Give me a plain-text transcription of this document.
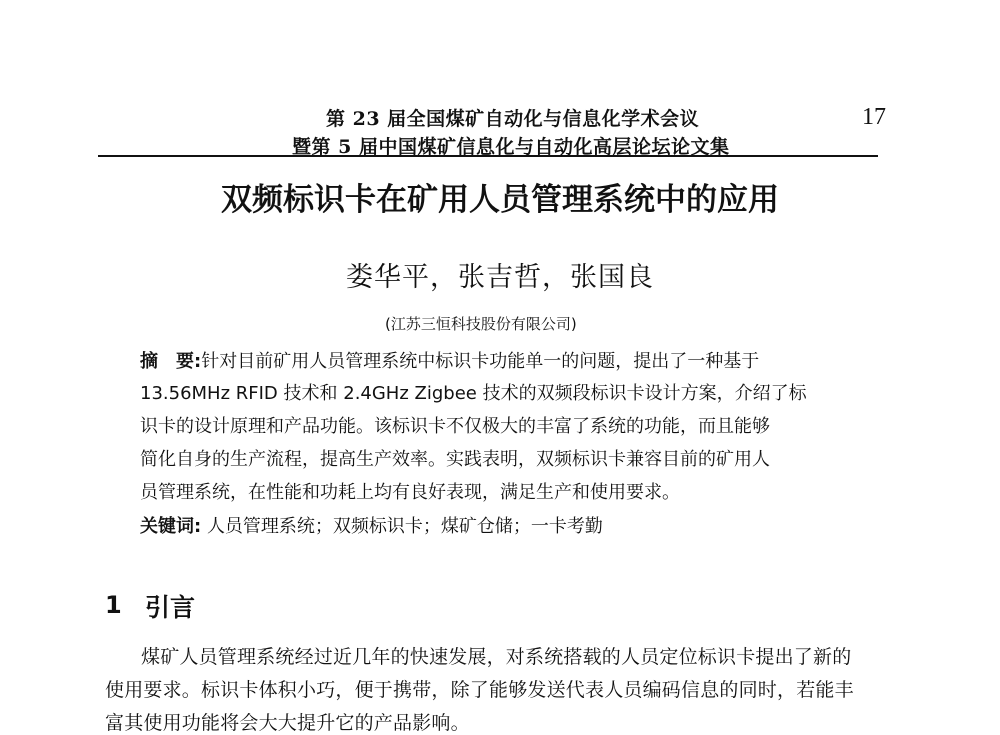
第 23 届全国煤矿自动化与信息化学术会议
暨第 5 届中国煤矿信息化与自动化高层论坛论文集
17
双频标识卡在矿用人员管理系统中的应用
娄华平，张吉哲，张国良
(江苏三恒科技股份有限公司)
摘　要:针对目前矿用人员管理系统中标识卡功能单一的问题，提出了一种基于
13.56MHz RFID 技术和 2.4GHz Zigbee 技术的双频段标识卡设计方案，介绍了标
识卡的设计原理和产品功能。该标识卡不仅极大的丰富了系统的功能，而且能够
简化自身的生产流程，提高生产效率。实践表明，双频标识卡兼容目前的矿用人
员管理系统，在性能和功耗上均有良好表现，满足生产和使用要求。
关键词: 人员管理系统；双频标识卡；煤矿仓储；一卡考勤
1 引言
煤矿人员管理系统经过近几年的快速发展，对系统搭载的人员定位标识卡提出了新的
使用要求。标识卡体积小巧，便于携带，除了能够发送代表人员编码信息的同时，若能丰
富其使用功能将会大大提升它的产品影响。
